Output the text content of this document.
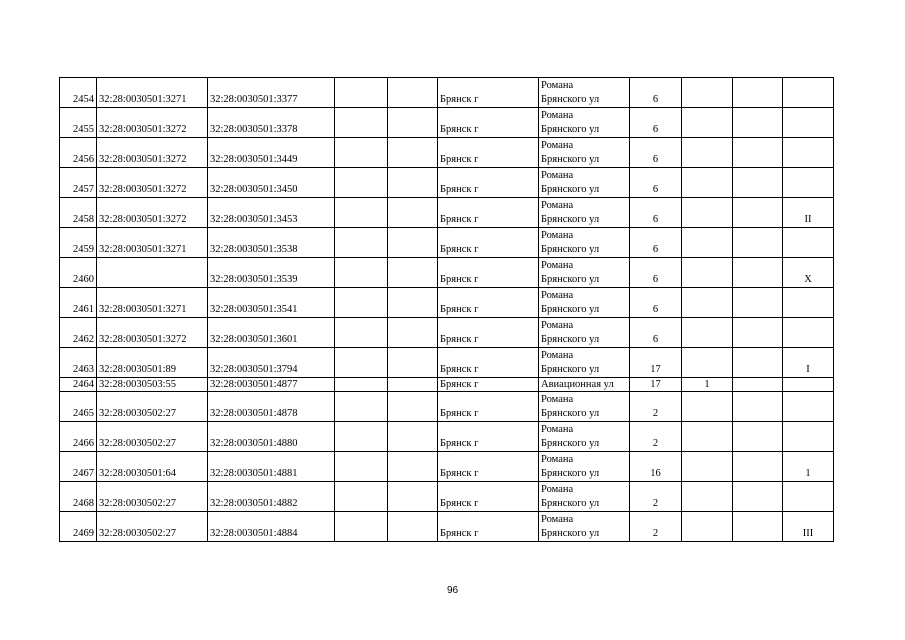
2454	32:28:0030501:3271	32:28:0030501:3377			Брянск г	Романа
Брянского ул	6			
2455	32:28:0030501:3272	32:28:0030501:3378			Брянск г	Романа
Брянского ул	6			
2456	32:28:0030501:3272	32:28:0030501:3449			Брянск г	Романа
Брянского ул	6			
2457	32:28:0030501:3272	32:28:0030501:3450			Брянск г	Романа
Брянского ул	6			
2458	32:28:0030501:3272	32:28:0030501:3453			Брянск г	Романа
Брянского ул	6			II
2459	32:28:0030501:3271	32:28:0030501:3538			Брянск г	Романа
Брянского ул	6			
2460		32:28:0030501:3539			Брянск г	Романа
Брянского ул	6			X
2461	32:28:0030501:3271	32:28:0030501:3541			Брянск г	Романа
Брянского ул	6			
2462	32:28:0030501:3272	32:28:0030501:3601			Брянск г	Романа
Брянского ул	6			
2463	32:28:0030501:89	32:28:0030501:3794			Брянск г	Романа
Брянского ул	17			I
2464	32:28:0030503:55	32:28:0030501:4877			Брянск г	Авиационная ул	17	1		
2465	32:28:0030502:27	32:28:0030501:4878			Брянск г	Романа
Брянского ул	2			
2466	32:28:0030502:27	32:28:0030501:4880			Брянск г	Романа
Брянского ул	2			
2467	32:28:0030501:64	32:28:0030501:4881			Брянск г	Романа
Брянского ул	16			1
2468	32:28:0030502:27	32:28:0030501:4882			Брянск г	Романа
Брянского ул	2			
2469	32:28:0030502:27	32:28:0030501:4884			Брянск г	Романа
Брянского ул	2			III
96
